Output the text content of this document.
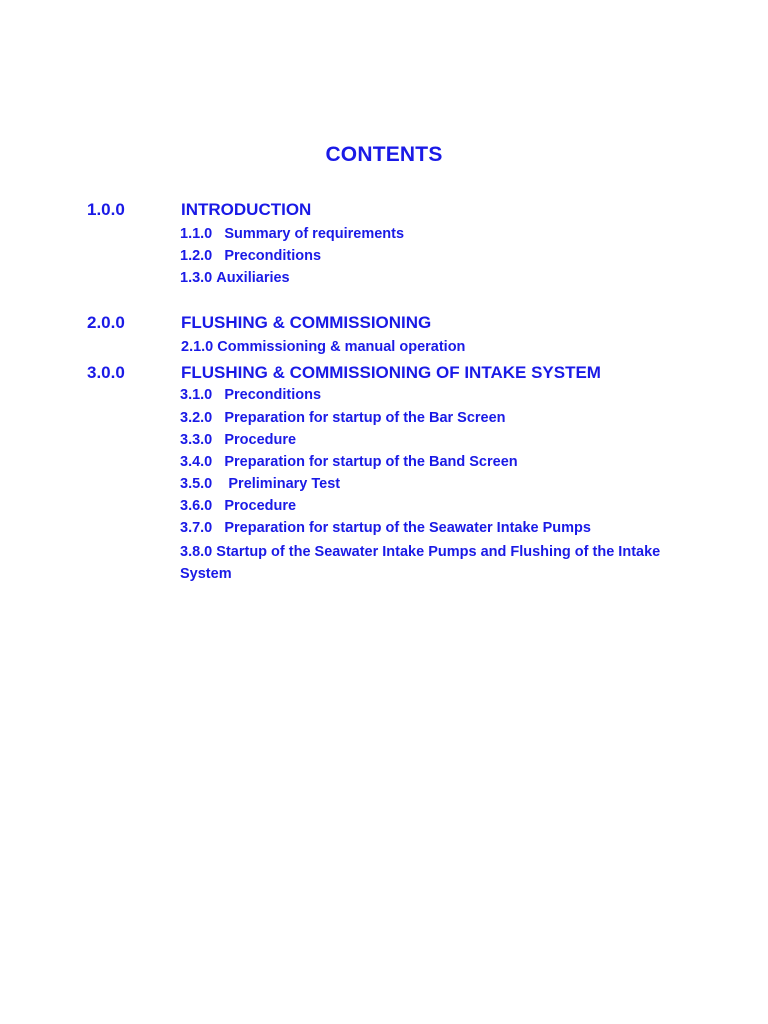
CONTENTS
1.0.0	INTRODUCTION
1.1.0 Summary of requirements
1.2.0 Preconditions
1.3.0 Auxiliaries
2.0.0	FLUSHING & COMMISSIONING
2.1.0 Commissioning & manual operation
3.0.0	FLUSHING & COMMISSIONING OF INTAKE SYSTEM
3.1.0 Preconditions
3.2.0 Preparation for startup of the Bar Screen
3.3.0 Procedure
3.4.0 Preparation for startup of the Band Screen
3.5.0 Preliminary Test
3.6.0 Procedure
3.7.0 Preparation for startup of the Seawater Intake Pumps
3.8.0 Startup of the Seawater Intake Pumps and Flushing of the Intake System
